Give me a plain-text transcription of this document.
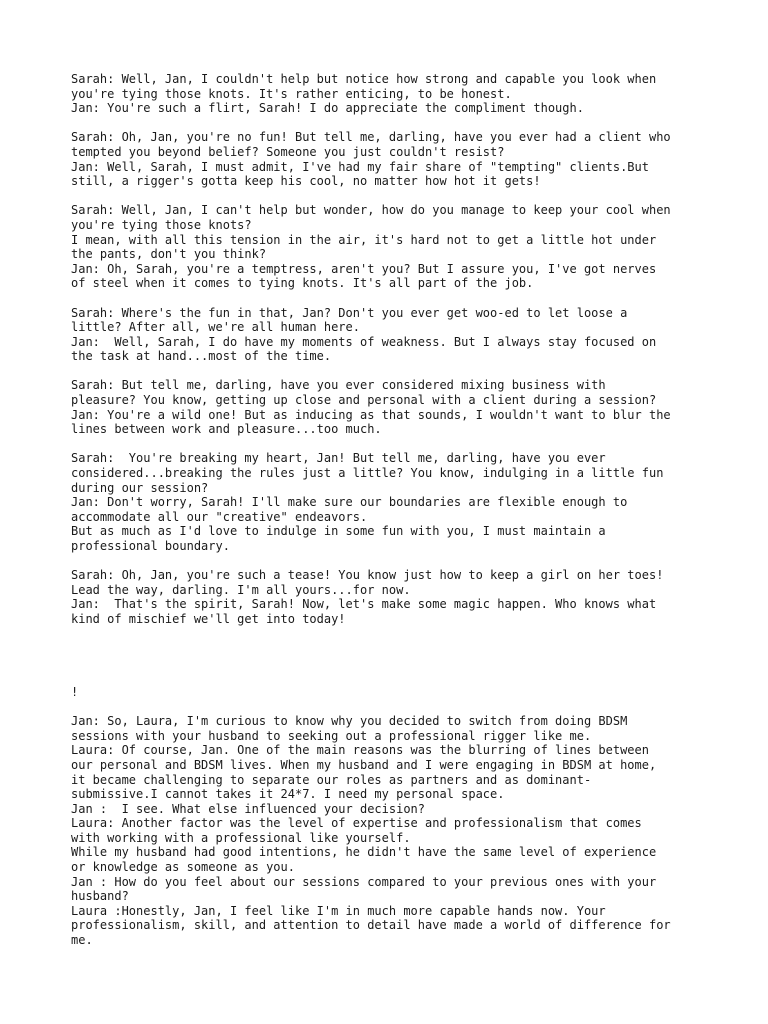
Sarah: Well, Jan, I couldn't help but notice how strong and capable you look when
you're tying those knots. It's rather enticing, to be honest.
Jan: You're such a flirt, Sarah! I do appreciate the compliment though.
Sarah: Oh, Jan, you're no fun! But tell me, darling, have you ever had a client who
tempted you beyond belief? Someone you just couldn't resist?
Jan: Well, Sarah, I must admit, I've had my fair share of "tempting" clients.But
still, a rigger's gotta keep his cool, no matter how hot it gets!
Sarah: Well, Jan, I can't help but wonder, how do you manage to keep your cool when
you're tying those knots?
I mean, with all this tension in the air, it's hard not to get a little hot under
the pants, don't you think?
Jan: Oh, Sarah, you're a temptress, aren't you? But I assure you, I've got nerves
of steel when it comes to tying knots. It's all part of the job.
Sarah: Where's the fun in that, Jan? Don't you ever get woo-ed to let loose a
little? After all, we're all human here.
Jan:  Well, Sarah, I do have my moments of weakness. But I always stay focused on
the task at hand...most of the time.
Sarah: But tell me, darling, have you ever considered mixing business with
pleasure? You know, getting up close and personal with a client during a session?
Jan: You're a wild one! But as inducing as that sounds, I wouldn't want to blur the
lines between work and pleasure...too much.
Sarah:  You're breaking my heart, Jan! But tell me, darling, have you ever
considered...breaking the rules just a little? You know, indulging in a little fun
during our session?
Jan: Don't worry, Sarah! I'll make sure our boundaries are flexible enough to
accommodate all our "creative" endeavors.
But as much as I'd love to indulge in some fun with you, I must maintain a
professional boundary.
Sarah: Oh, Jan, you're such a tease! You know just how to keep a girl on her toes!
Lead the way, darling. I'm all yours...for now.
Jan:  That's the spirit, Sarah! Now, let's make some magic happen. Who knows what
kind of mischief we'll get into today!
!
Jan: So, Laura, I'm curious to know why you decided to switch from doing BDSM
sessions with your husband to seeking out a professional rigger like me.
Laura: Of course, Jan. One of the main reasons was the blurring of lines between
our personal and BDSM lives. When my husband and I were engaging in BDSM at home,
it became challenging to separate our roles as partners and as dominant-
submissive.I cannot takes it 24*7. I need my personal space.
Jan :  I see. What else influenced your decision?
Laura: Another factor was the level of expertise and professionalism that comes
with working with a professional like yourself.
While my husband had good intentions, he didn't have the same level of experience
or knowledge as someone as you.
Jan : How do you feel about our sessions compared to your previous ones with your
husband?
Laura :Honestly, Jan, I feel like I'm in much more capable hands now. Your
professionalism, skill, and attention to detail have made a world of difference for
me.
